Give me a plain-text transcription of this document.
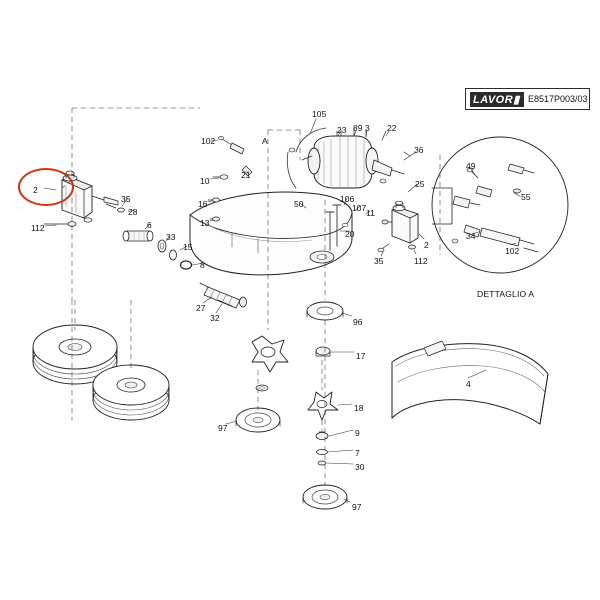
LAVOR▮ E8517P003/03
DETTAGLIO A
105
102
23 89 3 22
36
A
21
10
16
13
35
28
2
112	6
33
15
8
27
32
50	106
107 11
20
25
2
35	112
96
17
18
9
7
30
97
97
4
49
55
34
102
